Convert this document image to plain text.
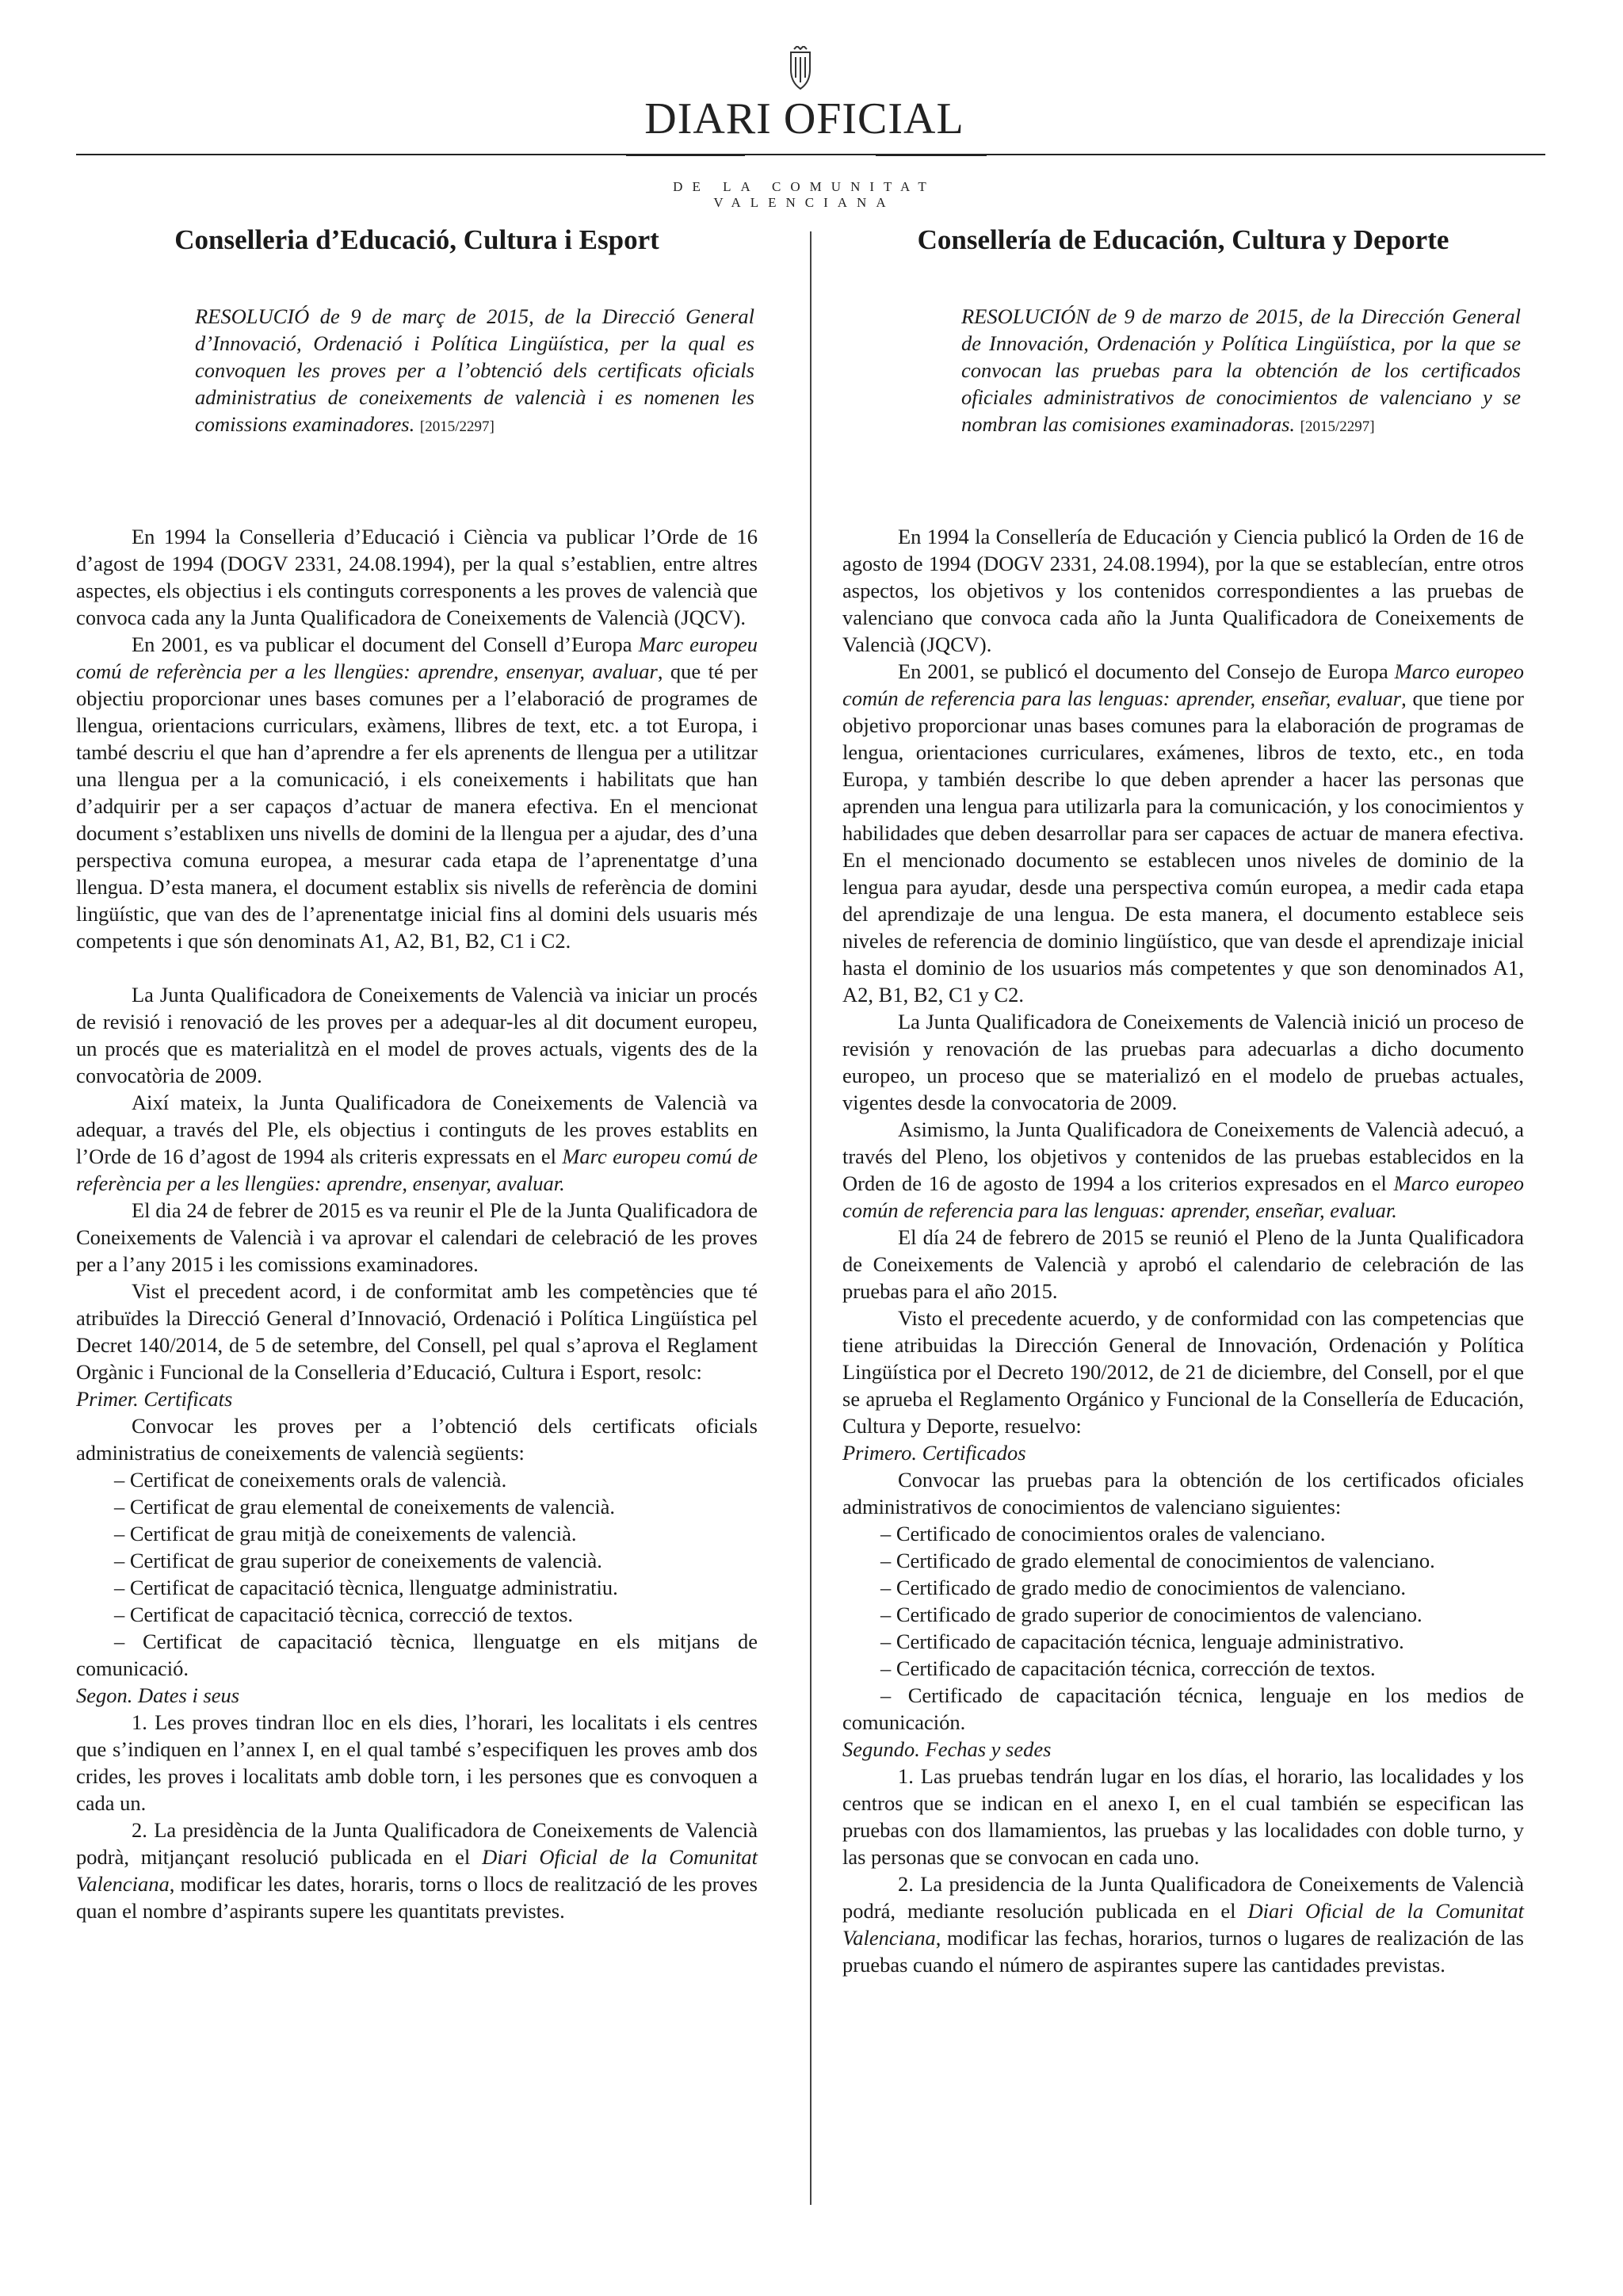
DIARI OFICIAL
DE LA COMUNITAT VALENCIANA
Conselleria d’Educació, Cultura i Esport
RESOLUCIÓ de 9 de març de 2015, de la Direcció General d’Innovació, Ordenació i Política Lingüística, per la qual es convoquen les proves per a l’obtenció dels certificats oficials administratius de coneixements de valencià i es nomenen les comissions examinadores. [2015/2297]

En 1994 la Conselleria d’Educació i Ciència va publicar l’Orde de 16 d’agost de 1994 (DOGV 2331, 24.08.1994), per la qual s’establien, entre altres aspectes, els objectius i els continguts corresponents a les proves de valencià que convoca cada any la Junta Qualificadora de Coneixements de Valencià (JQCV).

En 2001, es va publicar el document del Consell d’Europa Marc europeu comú de referència per a les llengües: aprendre, ensenyar, avaluar, que té per objectiu proporcionar unes bases comunes per a l’elaboració de programes de llengua, orientacions curriculars, exàmens, llibres de text, etc. a tot Europa, i també descriu el que han d’aprendre a fer els aprenents de llengua per a utilitzar una llengua per a la comunicació, i els coneixements i habilitats que han d’adquirir per a ser capaços d’actuar de manera efectiva. En el mencionat document s’establixen uns nivells de domini de la llengua per a ajudar, des d’una perspectiva comuna europea, a mesurar cada etapa de l’aprenentatge d’una llengua. D’esta manera, el document establix sis nivells de referència de domini lingüístic, que van des de l’aprenentatge inicial fins al domini dels usuaris més competents i que són denominats A1, A2, B1, B2, C1 i C2.

La Junta Qualificadora de Coneixements de Valencià va iniciar un procés de revisió i renovació de les proves per a adequar-les al dit document europeu, un procés que es materialitzà en el model de proves actuals, vigents des de la convocatòria de 2009.

Així mateix, la Junta Qualificadora de Coneixements de Valencià va adequar, a través del Ple, els objectius i continguts de les proves establits en l’Orde de 16 d’agost de 1994 als criteris expressats en el Marc europeu comú de referència per a les llengües: aprendre, ensenyar, avaluar.

El dia 24 de febrer de 2015 es va reunir el Ple de la Junta Qualificadora de Coneixements de Valencià i va aprovar el calendari de celebració de les proves per a l’any 2015 i les comissions examinadores.

Vist el precedent acord, i de conformitat amb les competències que té atribuïdes la Direcció General d’Innovació, Ordenació i Política Lingüística pel Decret 140/2014, de 5 de setembre, del Consell, pel qual s’aprova el Reglament Orgànic i Funcional de la Conselleria d’Educació, Cultura i Esport, resolc:

Primer. Certificats

Convocar les proves per a l’obtenció dels certificats oficials administratius de coneixements de valencià següents:

– Certificat de coneixements orals de valencià.
– Certificat de grau elemental de coneixements de valencià.
– Certificat de grau mitjà de coneixements de valencià.
– Certificat de grau superior de coneixements de valencià.
– Certificat de capacitació tècnica, llenguatge administratiu.
– Certificat de capacitació tècnica, correcció de textos.
– Certificat de capacitació tècnica, llenguatge en els mitjans de comunicació.

Segon. Dates i seus

1. Les proves tindran lloc en els dies, l’horari, les localitats i els centres que s’indiquen en l’annex I, en el qual també s’especifiquen les proves amb dos crides, les proves i localitats amb doble torn, i les persones que es convoquen a cada un.

2. La presidència de la Junta Qualificadora de Coneixements de Valencià podrà, mitjançant resolució publicada en el Diari Oficial de la Comunitat Valenciana, modificar les dates, horaris, torns o llocs de realització de les proves quan el nombre d’aspirants supere les quantitats previstes.

Consellería de Educación, Cultura y Deporte
RESOLUCIÓN de 9 de marzo de 2015, de la Dirección General de Innovación, Ordenación y Política Lingüística, por la que se convocan las pruebas para la obtención de los certificados oficiales administrativos de conocimientos de valenciano y se nombran las comisiones examinadoras. [2015/2297]

En 1994 la Consellería de Educación y Ciencia publicó la Orden de 16 de agosto de 1994 (DOGV 2331, 24.08.1994), por la que se establecían, entre otros aspectos, los objetivos y los contenidos correspondientes a las pruebas de valenciano que convoca cada año la Junta Qualificadora de Coneixements de Valencià (JQCV).

En 2001, se publicó el documento del Consejo de Europa Marco europeo común de referencia para las lenguas: aprender, enseñar, evaluar, que tiene por objetivo proporcionar unas bases comunes para la elaboración de programas de lengua, orientaciones curriculares, exámenes, libros de texto, etc., en toda Europa, y también describe lo que deben aprender a hacer las personas que aprenden una lengua para utilizarla para la comunicación, y los conocimientos y habilidades que deben desarrollar para ser capaces de actuar de manera efectiva. En el mencionado documento se establecen unos niveles de dominio de la lengua para ayudar, desde una perspectiva común europea, a medir cada etapa del aprendizaje de una lengua. De esta manera, el documento establece seis niveles de referencia de dominio lingüístico, que van desde el aprendizaje inicial hasta el dominio de los usuarios más competentes y que son denominados A1, A2, B1, B2, C1 y C2.

La Junta Qualificadora de Coneixements de Valencià inició un proceso de revisión y renovación de las pruebas para adecuarlas a dicho documento europeo, un proceso que se materializó en el modelo de pruebas actuales, vigentes desde la convocatoria de 2009.

Asimismo, la Junta Qualificadora de Coneixements de Valencià adecuó, a través del Pleno, los objetivos y contenidos de las pruebas establecidos en la Orden de 16 de agosto de 1994 a los criterios expresados en el Marco europeo común de referencia para las lenguas: aprender, enseñar, evaluar.

El día 24 de febrero de 2015 se reunió el Pleno de la Junta Qualificadora de Coneixements de Valencià y aprobó el calendario de celebración de las pruebas para el año 2015.

Visto el precedente acuerdo, y de conformidad con las competencias que tiene atribuidas la Dirección General de Innovación, Ordenación y Política Lingüística por el Decreto 190/2012, de 21 de diciembre, del Consell, por el que se aprueba el Reglamento Orgánico y Funcional de la Consellería de Educación, Cultura y Deporte, resuelvo:

Primero. Certificados

Convocar las pruebas para la obtención de los certificados oficiales administrativos de conocimientos de valenciano siguientes:

– Certificado de conocimientos orales de valenciano.
– Certificado de grado elemental de conocimientos de valenciano.
– Certificado de grado medio de conocimientos de valenciano.
– Certificado de grado superior de conocimientos de valenciano.
– Certificado de capacitación técnica, lenguaje administrativo.
– Certificado de capacitación técnica, corrección de textos.
– Certificado de capacitación técnica, lenguaje en los medios de comunicación.

Segundo. Fechas y sedes

1. Las pruebas tendrán lugar en los días, el horario, las localidades y los centros que se indican en el anexo I, en el cual también se especifican las pruebas con dos llamamientos, las pruebas y las localidades con doble turno, y las personas que se convocan en cada uno.

2. La presidencia de la Junta Qualificadora de Coneixements de Valencià podrá, mediante resolución publicada en el Diari Oficial de la Comunitat Valenciana, modificar las fechas, horarios, turnos o lugares de realización de las pruebas cuando el número de aspirantes supere las cantidades previstas.
